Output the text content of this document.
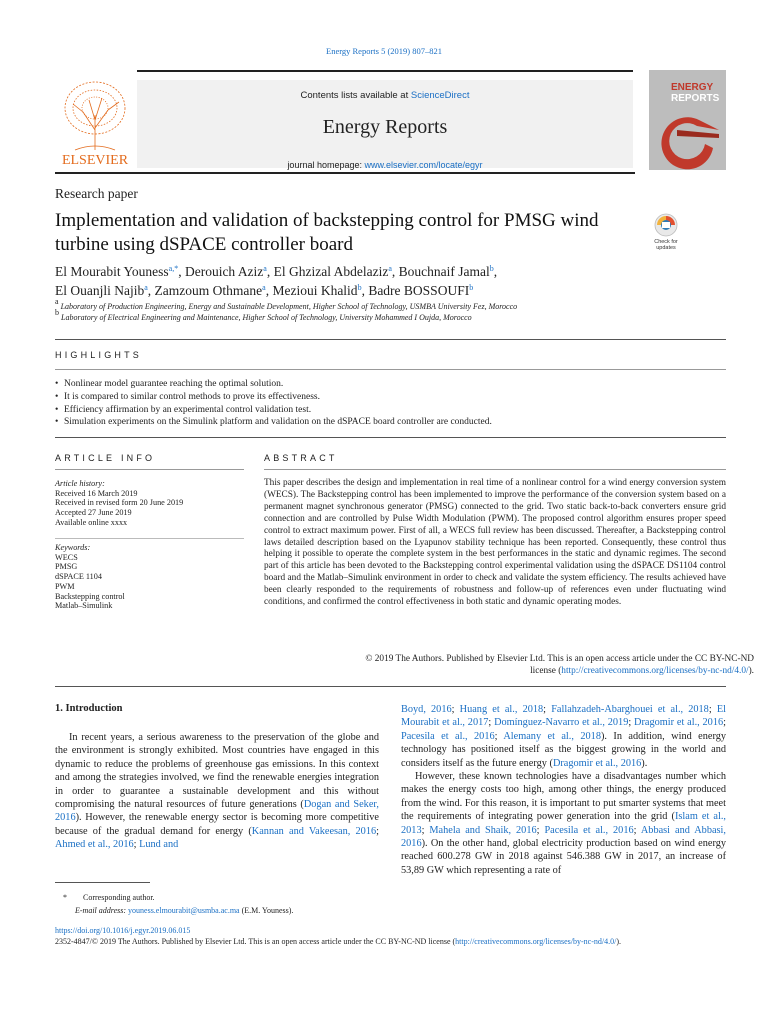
Energy Reports 5 (2019) 807–821
ELSEVIER
Contents lists available at ScienceDirect
Energy Reports
journal homepage: www.elsevier.com/locate/egyr
ENERGY
REPORTS
Research paper
Implementation and validation of backstepping control for PMSG wind turbine using dSPACE controller board	Check for
updates
El Mourabit Youness$^{a,*}$, Derouich Aziz$^a$, El Ghzizal Abdelaziz$^a$, Bouchnaif Jamal$^b$,
El Ouanjli Najib$^a$, Zamzoum Othmane$^a$, Mezioui Khalid$^b$, Badre BOSSOUFI$^b$
$^a$ Laboratory of Production Engineering, Energy and Sustainable Development, Higher School of Technology, USMBA University Fez, Morocco
$^b$ Laboratory of Electrical Engineering and Maintenance, Higher School of Technology, University Mohammed I Oujda, Morocco
HIGHLIGHTS
• Nonlinear model guarantee reaching the optimal solution.
• It is compared to similar control methods to prove its effectiveness.
• Efficiency affirmation by an experimental control validation test.
• Simulation experiments on the Simulink platform and validation on the dSPACE board controller are conducted.
ARTICLE INFO
Article history:
Received 16 March 2019
Received in revised form 20 June 2019
Accepted 27 June 2019
Available online xxxx
Keywords:
WECS
PMSG
dSPACE 1104
PWM
Backstepping control
Matlab–Simulink
ABSTRACT
This paper describes the design and implementation in real time of a nonlinear control for a wind energy conversion system (WECS). The Backstepping control has been implemented to improve the performance of the conversion system based on a permanent magnet synchronous generator (PMSG) connected to the grid. Two static back-to-back converters ensure grid connection and are controlled by Pulse Width Modulation (PWM). The proposed control algorithm ensures proper speed control to extract maximum power. First of all, a WECS full review has been discussed. Thereafter, a Backstepping control laws detailed description based on the Lyapunov stability technique has been reported. Consequently, these control thus helping it possible to operate the complete system in the best performances in the static and dynamic regimes. The second part of this article has been devoted to the Backstepping control experimental validation using the dSPACE DS1104 control board and the Matlab–Simulink environment in order to check and validate the system efficiency. The results achieved have been clearly responded to the requirements of robustness and follow-up of references even under fluctuating wind conditions, and confirmed the control effectiveness in both static and dynamic operating modes.
© 2019 The Authors. Published by Elsevier Ltd. This is an open access article under the CC BY-NC-ND
license (http://creativecommons.org/licenses/by-nc-nd/4.0/).
1. Introduction

In recent years, a serious awareness to the preservation of the globe and the environment is strongly exhibited. Most countries have engaged in this dynamic to reduce the problems of greenhouse gas emissions. In this context and among the strategies involved, we find the renewable energies integration in order to guarantee a sustainable development and this without compromising the natural resources of future generations (Dogan and Seker, 2016). However, the renewable energy sector is becoming more competitive because of the gradual demand for energy (Kannan and Vakeesan, 2016; Ahmed et al., 2016; Lund and

Boyd, 2016; Huang et al., 2018; Fallahzadeh-Abarghouei et al., 2018; El Mourabit et al., 2017; Domínguez-Navarro et al., 2019; Dragomir et al., 2016; Pacesila et al., 2016; Alemany et al., 2018). In addition, wind energy technology has positioned itself as the biggest growing in the world and considers itself as the future energy (Dragomir et al., 2016).

However, these known technologies have a disadvantages number which makes the energy costs too high, among other things, the energy produced from the wind. For this reason, it is important to put smarter systems that meet the requirements of integrating power generation into the grid (Islam et al., 2013; Mahela and Shaik, 2016; Pacesila et al., 2016; Abbasi and Abbasi, 2016). On the other hand, global electricity production based on wind energy reached 600.278 GW in 2018 against 546.388 GW in 2017, an increase of 53,89 GW which representing a rate of

* Corresponding author.
E-mail address: youness.elmourabit@usmba.ac.ma (E.M. Youness).
https://doi.org/10.1016/j.egyr.2019.06.015
2352-4847/© 2019 The Authors. Published by Elsevier Ltd. This is an open access article under the CC BY-NC-ND license (http://creativecommons.org/licenses/by-nc-nd/4.0/).
